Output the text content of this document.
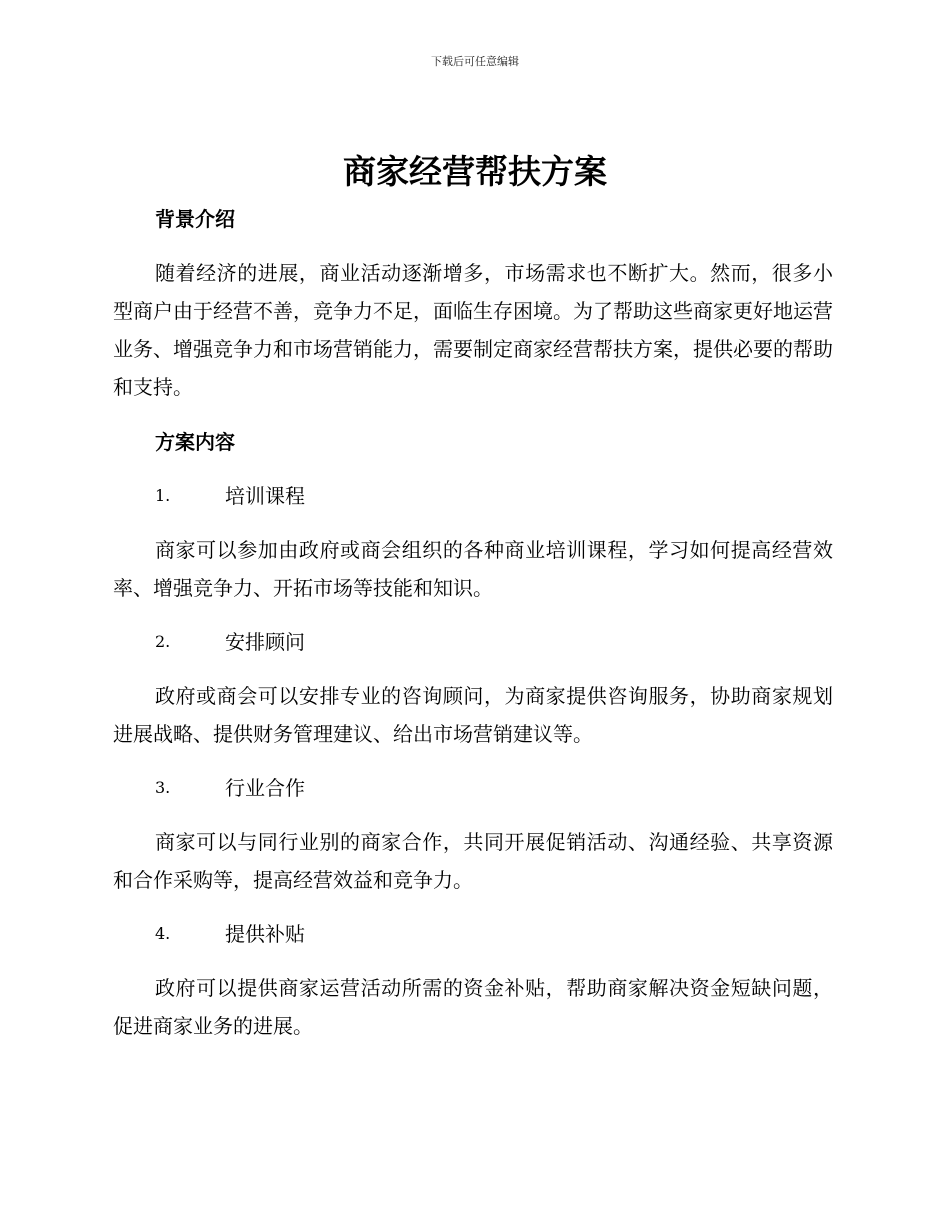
下载后可任意编辑
商家经营帮扶方案
背景介绍

随着经济的进展，商业活动逐渐增多，市场需求也不断扩大。然而，很多小型商户由于经营不善，竞争力不足，面临生存困境。为了帮助这些商家更好地运营业务、增强竞争力和市场营销能力，需要制定商家经营帮扶方案，提供必要的帮助和支持。

方案内容
1.	培训课程

商家可以参加由政府或商会组织的各种商业培训课程，学习如何提高经营效率、增强竞争力、开拓市场等技能和知识。

2.	安排顾问

政府或商会可以安排专业的咨询顾问，为商家提供咨询服务，协助商家规划进展战略、提供财务管理建议、给出市场营销建议等。

3.	行业合作

商家可以与同行业别的商家合作，共同开展促销活动、沟通经验、共享资源和合作采购等，提高经营效益和竞争力。

4.	提供补贴

政府可以提供商家运营活动所需的资金补贴，帮助商家解决资金短缺问题，促进商家业务的进展。
